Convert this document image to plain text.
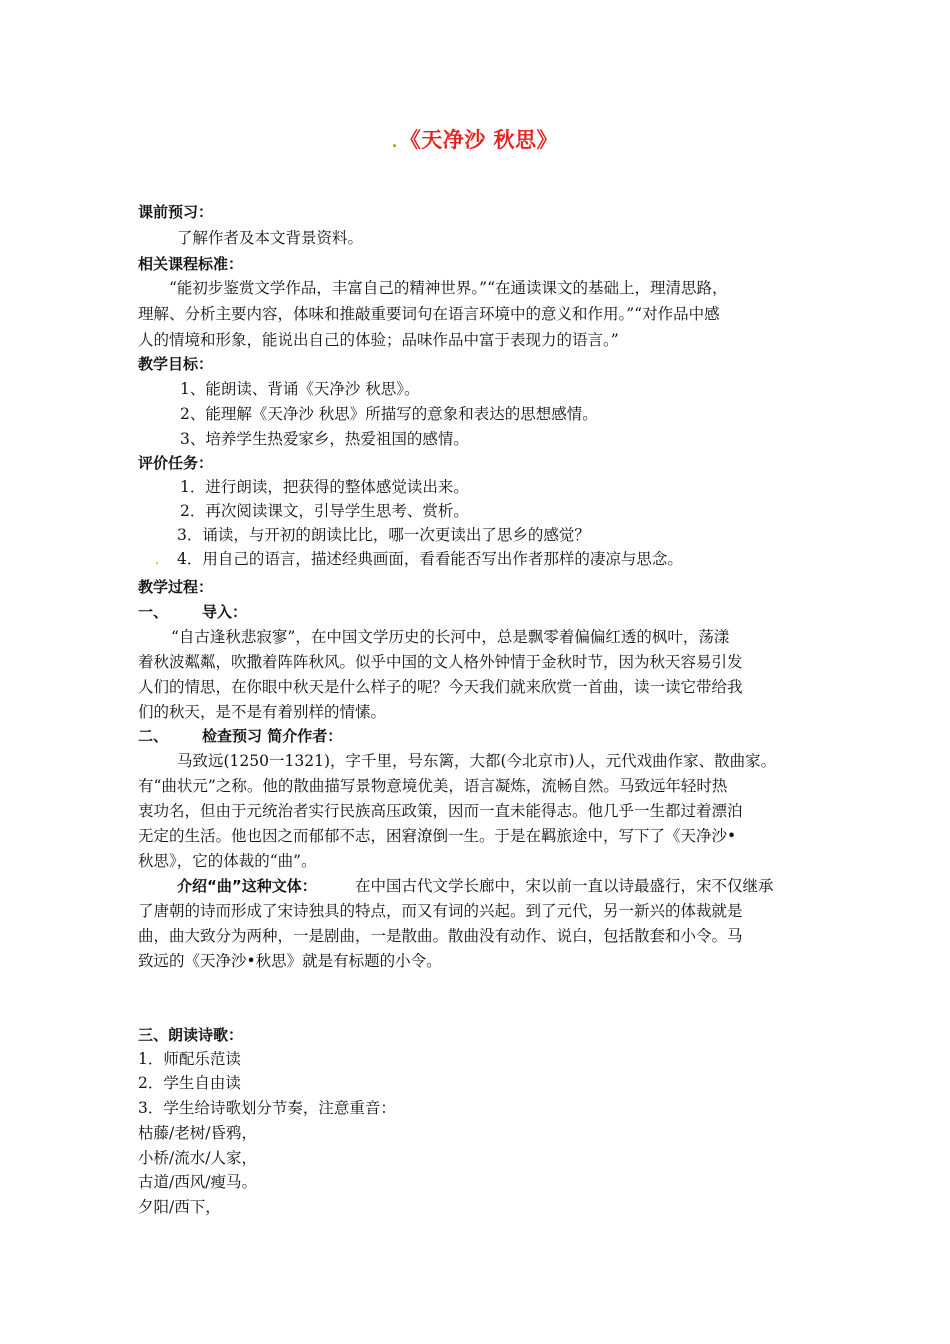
.《天净沙 秋思》
课前预习：
了解作者及本文背景资料。
相关课程标准：
“能初步鉴赏文学作品，丰富自己的精神世界。”“在通读课文的基础上，理清思路，
理解、分析主要内容，体味和推敲重要词句在语言环境中的意义和作用。”“对作品中感
人的情境和形象，能说出自己的体验；品味作品中富于表现力的语言。”
教学目标：
1、能朗读、背诵《天净沙 秋思》。
2、能理解《天净沙 秋思》所描写的意象和表达的思想感情。
3、培养学生热爱家乡，热爱祖国的感情。
评价任务：
1．进行朗读，把获得的整体感觉读出来。
2．再次阅读课文，引导学生思考、赏析。
3．诵读，与开初的朗读比比，哪一次更读出了思乡的感觉？
.	4．用自己的语言，描述经典画面，看看能否写出作者那样的凄凉与思念。
教学过程：
一、	导入：
“自古逢秋悲寂寥”，在中国文学历史的长河中，总是飘零着偏偏红透的枫叶，荡漾
着秋波粼粼，吹撒着阵阵秋风。似乎中国的文人格外钟情于金秋时节，因为秋天容易引发
人们的情思，在你眼中秋天是什么样子的呢？今天我们就来欣赏一首曲，读一读它带给我
们的秋天，是不是有着别样的情愫。
二、	检查预习 简介作者：
马致远(1250一1321)，字千里，号东篱，大都(今北京市)人，元代戏曲作家、散曲家。
有“曲状元”之称。他的散曲描写景物意境优美，语言凝炼，流畅自然。马致远年轻时热
衷功名，但由于元统治者实行民族高压政策，因而一直未能得志。他几乎一生都过着漂泊
无定的生活。他也因之而郁郁不志，困窘潦倒一生。于是在羁旅途中，写下了《天净沙•
秋思》，它的体裁的“曲”。
介绍“曲”这种文体：	在中国古代文学长廊中，宋以前一直以诗最盛行，宋不仅继承
了唐朝的诗而形成了宋诗独具的特点，而又有词的兴起。到了元代，另一新兴的体裁就是
曲，曲大致分为两种，一是剧曲，一是散曲。散曲没有动作、说白，包括散套和小令。马
致远的《天净沙•秋思》就是有标题的小令。
三、朗读诗歌：
1．师配乐范读
2．学生自由读
3．学生给诗歌划分节奏，注意重音：
枯藤/老树/昏鸦，
小桥/流水/人家，
古道/西风/瘦马。
夕阳/西下，
